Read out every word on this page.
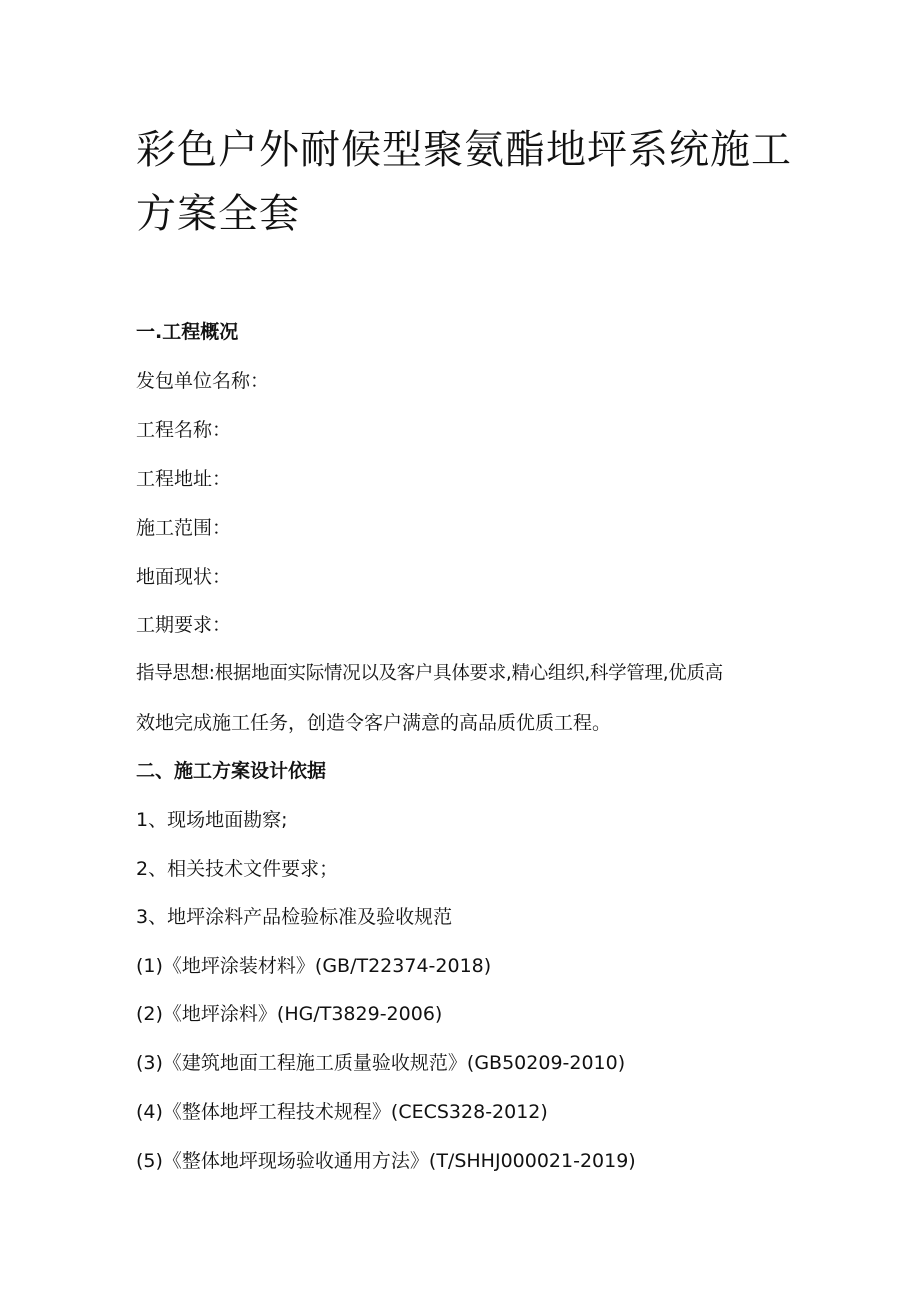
彩色户外耐候型聚氨酯地坪系统施工方案全套
一.工程概况
发包单位名称：
工程名称：
工程地址：
施工范围：
地面现状：
工期要求：
指导思想:根据地面实际情况以及客户具体要求,精心组织,科学管理,优质高
效地完成施工任务，创造令客户满意的高品质优质工程。
二、施工方案设计依据
1、现场地面勘察;
2、相关技术文件要求；
3、地坪涂料产品检验标准及验收规范
(1)《地坪涂装材料》(GB/T22374-2018)
(2)《地坪涂料》(HG/T3829-2006)
(3)《建筑地面工程施工质量验收规范》(GB50209-2010)
(4)《整体地坪工程技术规程》(CECS328-2012)
(5)《整体地坪现场验收通用方法》(T/SHHJ000021-2019)
